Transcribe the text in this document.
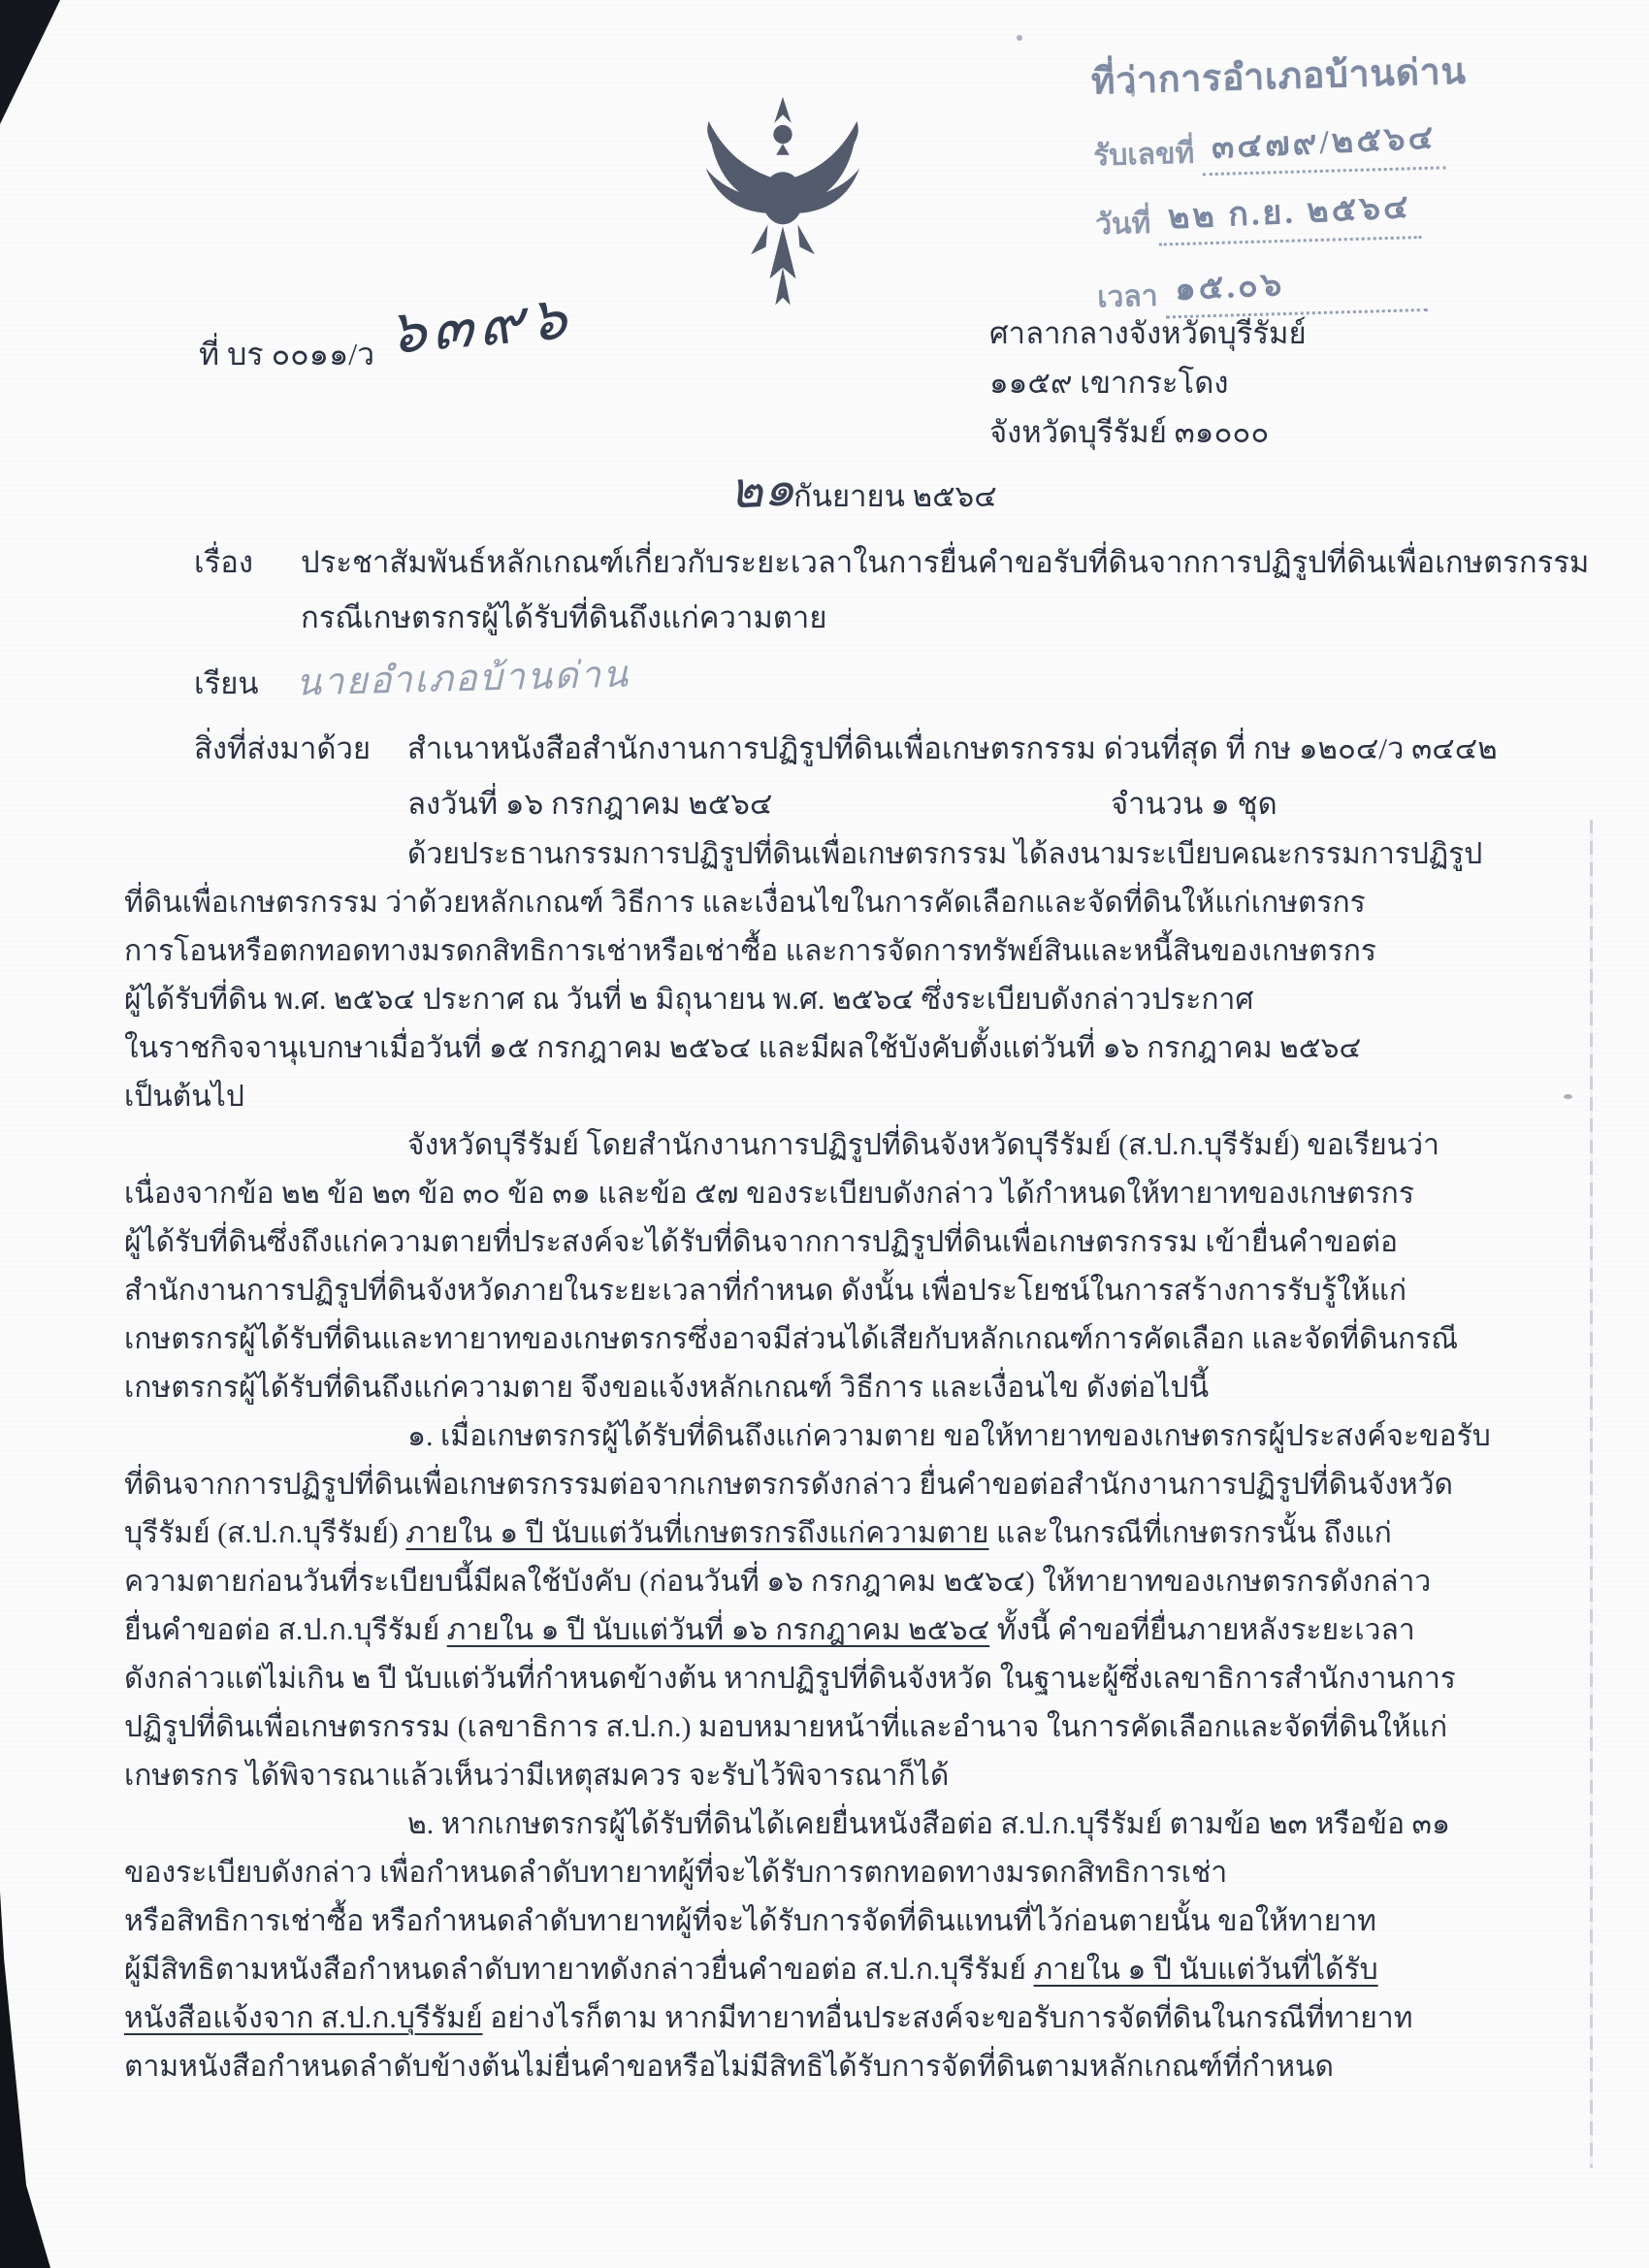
ที่ว่าการอำเภอบ้านด่าน
รับเลขที่ ๓๔๗๙/๒๕๖๔
วันที่ ๒๒ ก.ย. ๒๕๖๔
เวลา ๑๕.๐๖
ที่ บร ๐๐๑๑/ว ๖๓๙๖	ศาลากลางจังหวัดบุรีรัมย์
๑๑๕๙ เขากระโดง
จังหวัดบุรีรัมย์ ๓๑๐๐๐
๒๑
กันยายน ๒๕๖๔
เรื่อง ประชาสัมพันธ์หลักเกณฑ์เกี่ยวกับระยะเวลาในการยื่นคำขอรับที่ดินจากการปฏิรูปที่ดินเพื่อเกษตรกรรม
กรณีเกษตรกรผู้ได้รับที่ดินถึงแก่ความตาย
เรียน นายอำเภอบ้านด่าน
สิ่งที่ส่งมาด้วย สำเนาหนังสือสำนักงานการปฏิรูปที่ดินเพื่อเกษตรกรรม ด่วนที่สุด ที่ กษ ๑๒๐๔/ว ๓๔๔๒
ลงวันที่ ๑๖ กรกฎาคม ๒๕๖๔	จำนวน ๑ ชุด
ด้วยประธานกรรมการปฏิรูปที่ดินเพื่อเกษตรกรรม ได้ลงนามระเบียบคณะกรรมการปฏิรูป
ที่ดินเพื่อเกษตรกรรม ว่าด้วยหลักเกณฑ์ วิธีการ และเงื่อนไขในการคัดเลือกและจัดที่ดินให้แก่เกษตรกร
การโอนหรือตกทอดทางมรดกสิทธิการเช่าหรือเช่าซื้อ และการจัดการทรัพย์สินและหนี้สินของเกษตรกร
ผู้ได้รับที่ดิน พ.ศ. ๒๕๖๔ ประกาศ ณ วันที่ ๒ มิถุนายน พ.ศ. ๒๕๖๔ ซึ่งระเบียบดังกล่าวประกาศ
ในราชกิจจานุเบกษาเมื่อวันที่ ๑๕ กรกฎาคม ๒๕๖๔ และมีผลใช้บังคับตั้งแต่วันที่ ๑๖ กรกฎาคม ๒๕๖๔
เป็นต้นไป
จังหวัดบุรีรัมย์ โดยสำนักงานการปฏิรูปที่ดินจังหวัดบุรีรัมย์ (ส.ป.ก.บุรีรัมย์) ขอเรียนว่า
เนื่องจากข้อ ๒๒ ข้อ ๒๓ ข้อ ๓๐ ข้อ ๓๑ และข้อ ๕๗ ของระเบียบดังกล่าว ได้กำหนดให้ทายาทของเกษตรกร
ผู้ได้รับที่ดินซึ่งถึงแก่ความตายที่ประสงค์จะได้รับที่ดินจากการปฏิรูปที่ดินเพื่อเกษตรกรรม เข้ายื่นคำขอต่อ
สำนักงานการปฏิรูปที่ดินจังหวัดภายในระยะเวลาที่กำหนด ดังนั้น เพื่อประโยชน์ในการสร้างการรับรู้ให้แก่
เกษตรกรผู้ได้รับที่ดินและทายาทของเกษตรกรซึ่งอาจมีส่วนได้เสียกับหลักเกณฑ์การคัดเลือก และจัดที่ดินกรณี
เกษตรกรผู้ได้รับที่ดินถึงแก่ความตาย จึงขอแจ้งหลักเกณฑ์ วิธีการ และเงื่อนไข ดังต่อไปนี้
๑. เมื่อเกษตรกรผู้ได้รับที่ดินถึงแก่ความตาย ขอให้ทายาทของเกษตรกรผู้ประสงค์จะขอรับ
ที่ดินจากการปฏิรูปที่ดินเพื่อเกษตรกรรมต่อจากเกษตรกรดังกล่าว ยื่นคำขอต่อสำนักงานการปฏิรูปที่ดินจังหวัด
บุรีรัมย์ (ส.ป.ก.บุรีรัมย์) ภายใน ๑ ปี นับแต่วันที่เกษตรกรถึงแก่ความตาย และในกรณีที่เกษตรกรนั้น ถึงแก่
ความตายก่อนวันที่ระเบียบนี้มีผลใช้บังคับ (ก่อนวันที่ ๑๖ กรกฎาคม ๒๕๖๔) ให้ทายาทของเกษตรกรดังกล่าว
ยื่นคำขอต่อ ส.ป.ก.บุรีรัมย์ ภายใน ๑ ปี นับแต่วันที่ ๑๖ กรกฎาคม ๒๕๖๔ ทั้งนี้ คำขอที่ยื่นภายหลังระยะเวลา
ดังกล่าวแต่ไม่เกิน ๒ ปี นับแต่วันที่กำหนดข้างต้น หากปฏิรูปที่ดินจังหวัด ในฐานะผู้ซึ่งเลขาธิการสำนักงานการ
ปฏิรูปที่ดินเพื่อเกษตรกรรม (เลขาธิการ ส.ป.ก.) มอบหมายหน้าที่และอำนาจ ในการคัดเลือกและจัดที่ดินให้แก่
เกษตรกร ได้พิจารณาแล้วเห็นว่ามีเหตุสมควร จะรับไว้พิจารณาก็ได้
๒. หากเกษตรกรผู้ได้รับที่ดินได้เคยยื่นหนังสือต่อ ส.ป.ก.บุรีรัมย์ ตามข้อ ๒๓ หรือข้อ ๓๑
ของระเบียบดังกล่าว เพื่อกำหนดลำดับทายาทผู้ที่จะได้รับการตกทอดทางมรดกสิทธิการเช่า
หรือสิทธิการเช่าซื้อ หรือกำหนดลำดับทายาทผู้ที่จะได้รับการจัดที่ดินแทนที่ไว้ก่อนตายนั้น ขอให้ทายาท
ผู้มีสิทธิตามหนังสือกำหนดลำดับทายาทดังกล่าวยื่นคำขอต่อ ส.ป.ก.บุรีรัมย์ ภายใน ๑ ปี นับแต่วันที่ได้รับ
หนังสือแจ้งจาก ส.ป.ก.บุรีรัมย์ อย่างไรก็ตาม หากมีทายาทอื่นประสงค์จะขอรับการจัดที่ดินในกรณีที่ทายาท
ตามหนังสือกำหนดลำดับข้างต้นไม่ยื่นคำขอหรือไม่มีสิทธิได้รับการจัดที่ดินตามหลักเกณฑ์ที่กำหนด
